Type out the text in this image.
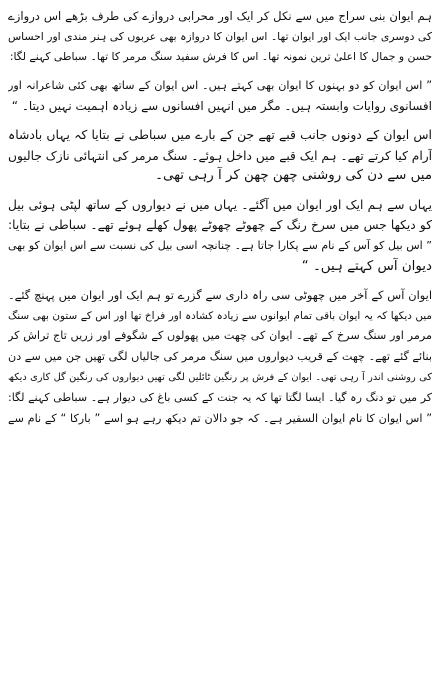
ہم ایوان بنی سراج میں سے نکل کر ایک اور محرابی دروازے کی طرف بڑھے اس دروازے
کی دوسری جانب ایک اور ایوان تھا۔ اس ایوان کا دروازہ بھی عربوں کی ہنر مندی اور احساس
حسن و جمال کا اعلیٰ ترین نمونہ تھا۔ اس کا فرش سفید سنگ مرمر کا تھا۔ سباطی کہنے لگا:
” اس ایوان کو دو بہنوں کا ایوان بھی کہتے ہیں۔ اس ایوان کے ساتھ بھی کئی شاعرانہ اور
افسانوی روایات وابستہ ہیں۔ مگر میں انہیں افسانوں سے زیادہ اہمیت نہیں دیتا۔ “
اس ایوان کے دونوں جانب قبے تھے جن کے بارے میں سباطی نے بتایا کہ یہاں بادشاہ
آرام کیا کرتے تھے۔ ہم ایک قبے میں داخل ہوئے۔ سنگ مرمر کی انتہائی نازک جالیوں
میں سے دن کی روشنی چھن چھن کر آ رہی تھی۔
یہاں سے ہم ایک اور ایوان میں آگئے۔ یہاں میں نے دیواروں کے ساتھ لپٹی ہوئی بیل
کو دیکھا جس میں سرخ رنگ کے چھوٹے چھوٹے پھول کھلے ہوئے تھے۔ سباطی نے بتایا:
” اس بیل کو آس کے نام سے پکارا جاتا ہے۔ چنانچہ اسی بیل کی نسبت سے اس ایوان کو بھی
دیوان آس کہتے ہیں۔ “
ایوان آس کے آخر میں چھوٹی سی راہ داری سے گزرے تو ہم ایک اور ایوان میں پہنچ گئے۔
میں دیکھا کہ یہ ایوان باقی تمام ایوانوں سے زیادہ کشادہ اور فراخ تھا اور اس کے ستون بھی سنگ
مرمر اور سنگ سرخ کے تھے۔ ایوان کی چھت میں پھولوں کے شگوفے اور زریں تاج تراش کر
بنائے گئے تھے۔ چھت کے قریب دیواروں میں سنگ مرمر کی جالیاں لگی تھیں جن میں سے دن
کی روشنی اندر آ رہی تھی۔ ایوان کے فرش پر رنگین ٹائلیں لگی تھیں دیواروں کی رنگین گل کاری دیکھ
کر میں تو دنگ رہ گیا۔ ایسا لگتا تھا کہ یہ جنت کے کسی باغ کی دیوار ہے۔ سباطی کہنے لگا:
” اس ایوان کا نام ایوان السفیر ہے۔ کہ جو دالان تم دیکھ رہے ہو اسے ” بارکا “ کے نام سے
